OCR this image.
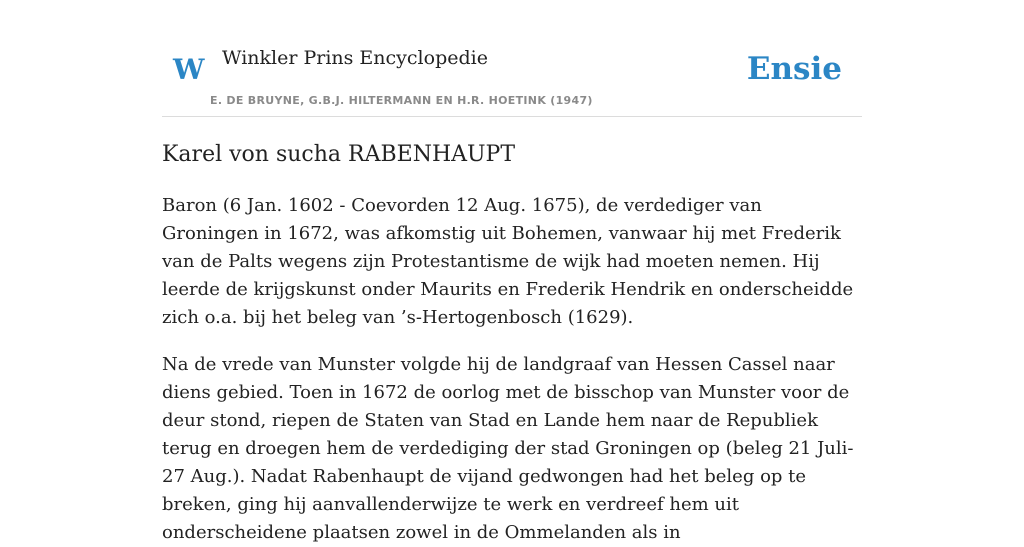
W Winkler Prins Encyclopedie
E. DE BRUYNE, G.B.J. HILTERMANN EN H.R. HOETINK (1947)
Ensie
Karel von sucha RABENHAUPT

Baron (6 Jan. 1602 - Coevorden 12 Aug. 1675), de verdediger van Groningen in 1672, was afkomstig uit Bohemen, vanwaar hij met Frederik van de Palts wegens zijn Protestantisme de wijk had moeten nemen. Hij leerde de krijgskunst onder Maurits en Frederik Hendrik en onderscheidde zich o.a. bij het beleg van ’s-Hertogenbosch (1629).

Na de vrede van Munster volgde hij de landgraaf van Hessen Cassel naar diens gebied. Toen in 1672 de oorlog met de bisschop van Munster voor de deur stond, riepen de Staten van Stad en Lande hem naar de Republiek terug en droegen hem de verdediging der stad Groningen op (beleg 21 Juli-27 Aug.). Nadat Rabenhaupt de vijand gedwongen had het beleg op te breken, ging hij aanvallenderwijze te werk en verdreef hem uit onderscheidene plaatsen zowel in de Ommelanden als in
